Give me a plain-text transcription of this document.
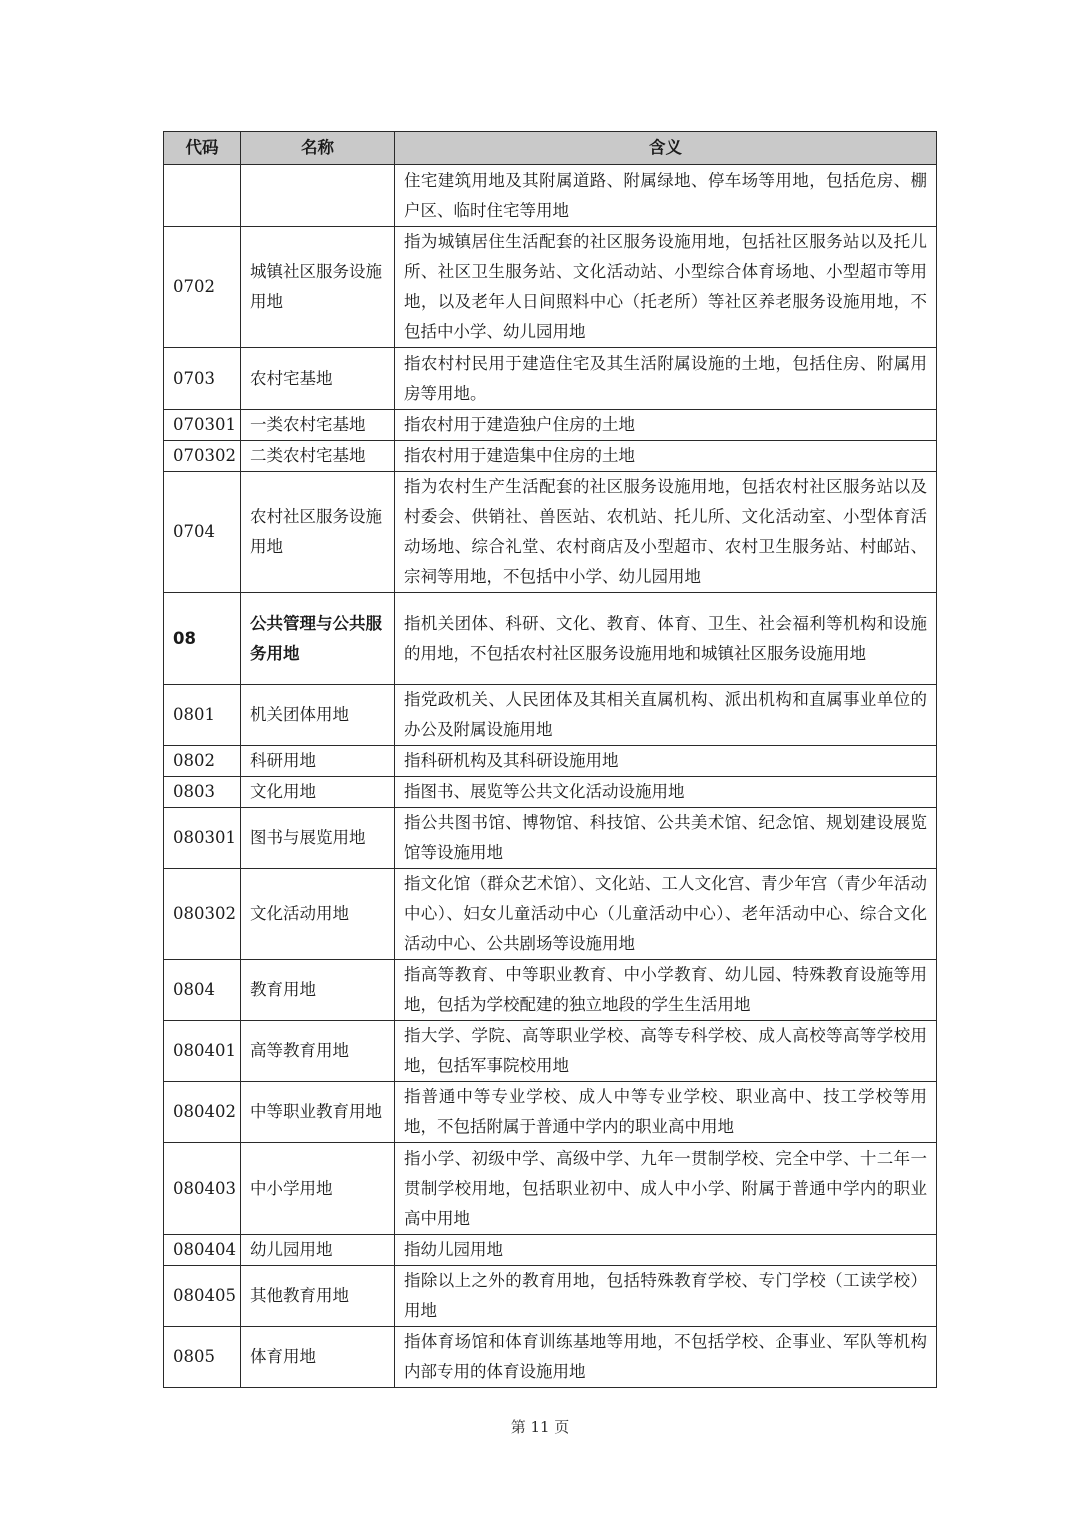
代码	名称	含义
		住宅建筑用地及其附属道路、附属绿地、停车场等用地，包括危房、棚户区、临时住宅等用地
0702	城镇社区服务设施用地	指为城镇居住生活配套的社区服务设施用地，包括社区服务站以及托儿所、社区卫生服务站、文化活动站、小型综合体育场地、小型超市等用地，以及老年人日间照料中心（托老所）等社区养老服务设施用地，不包括中小学、幼儿园用地
0703	农村宅基地	指农村村民用于建造住宅及其生活附属设施的土地，包括住房、附属用房等用地。
070301	一类农村宅基地	指农村用于建造独户住房的土地
070302	二类农村宅基地	指农村用于建造集中住房的土地
0704	农村社区服务设施用地	指为农村生产生活配套的社区服务设施用地，包括农村社区服务站以及村委会、供销社、兽医站、农机站、托儿所、文化活动室、小型体育活动场地、综合礼堂、农村商店及小型超市、农村卫生服务站、村邮站、宗祠等用地，不包括中小学、幼儿园用地
08	公共管理与公共服务用地	指机关团体、科研、文化、教育、体育、卫生、社会福利等机构和设施的用地，不包括农村社区服务设施用地和城镇社区服务设施用地
0801	机关团体用地	指党政机关、人民团体及其相关直属机构、派出机构和直属事业单位的办公及附属设施用地
0802	科研用地	指科研机构及其科研设施用地
0803	文化用地	指图书、展览等公共文化活动设施用地
080301	图书与展览用地	指公共图书馆、博物馆、科技馆、公共美术馆、纪念馆、规划建设展览馆等设施用地
080302	文化活动用地	指文化馆（群众艺术馆）、文化站、工人文化宫、青少年宫（青少年活动中心）、妇女儿童活动中心（儿童活动中心）、老年活动中心、综合文化活动中心、公共剧场等设施用地
0804	教育用地	指高等教育、中等职业教育、中小学教育、幼儿园、特殊教育设施等用地，包括为学校配建的独立地段的学生生活用地
080401	高等教育用地	指大学、学院、高等职业学校、高等专科学校、成人高校等高等学校用地，包括军事院校用地
080402	中等职业教育用地	指普通中等专业学校、成人中等专业学校、职业高中、技工学校等用地，不包括附属于普通中学内的职业高中用地
080403	中小学用地	指小学、初级中学、高级中学、九年一贯制学校、完全中学、十二年一贯制学校用地，包括职业初中、成人中小学、附属于普通中学内的职业高中用地
080404	幼儿园用地	指幼儿园用地
080405	其他教育用地	指除以上之外的教育用地，包括特殊教育学校、专门学校（工读学校）用地
0805	体育用地	指体育场馆和体育训练基地等用地，不包括学校、企事业、军队等机构内部专用的体育设施用地
第 11 页
